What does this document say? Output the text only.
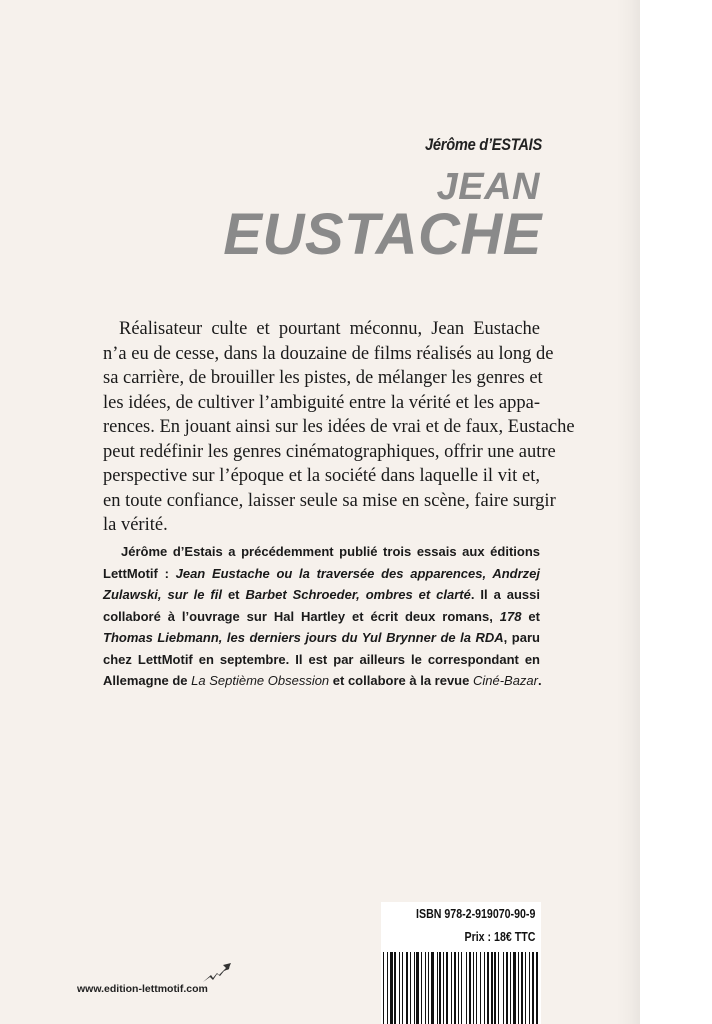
Jérôme d’ESTAIS
JEAN
EUSTACHE
Réalisateur culte et pourtant méconnu, Jean Eustache
n’a eu de cesse, dans la douzaine de films réalisés au long de
sa carrière, de brouiller les pistes, de mélanger les genres et
les idées, de cultiver l’ambiguité entre la vérité et les appa-
rences. En jouant ainsi sur les idées de vrai et de faux, Eustache
peut redéfinir les genres cinématographiques, offrir une autre
perspective sur l’époque et la société dans laquelle il vit et,
en toute confiance, laisser seule sa mise en scène, faire surgir
la vérité.
Jérôme d’Estais a précédemment publié trois essais aux éditions
LettMotif : Jean Eustache ou la traversée des apparences, Andrzej
Zulawski, sur le fil et Barbet Schroeder, ombres et clarté. Il a aussi
collaboré à l’ouvrage sur Hal Hartley et écrit deux romans, 178 et
Thomas Liebmann, les derniers jours du Yul Brynner de la RDA, paru
chez LettMotif en septembre. Il est par ailleurs le correspondant en
Allemagne de La Septième Obsession et collabore à la revue Ciné-Bazar.
ISBN 978-2-919070-90-9
Prix : 18€ TTC
www.edition-lettmotif.com
